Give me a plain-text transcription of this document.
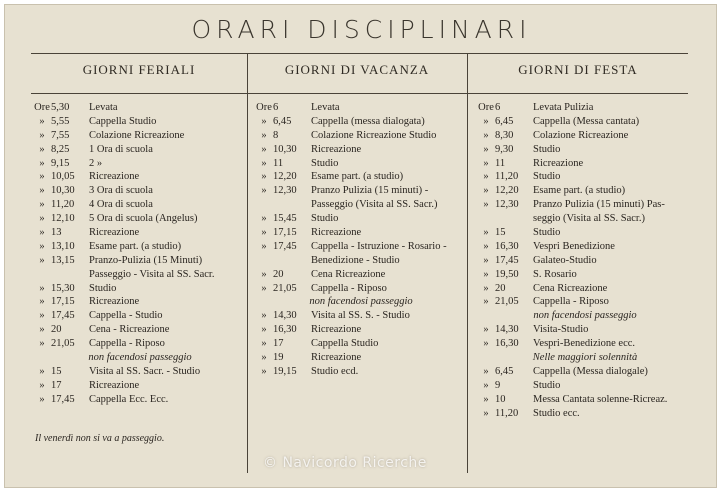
ORARI DISCIPLINARI
GIORNI FERIALI	GIORNI DI VACANZA	GIORNI DI FESTA
Ore5,30 Levata
» 5,55 Cappella Studio
» 7,55 Colazione Ricreazione
» 8,25 1 Ora di scuola
» 9,15 2 »
» 10,05 Ricreazione
» 10,30 3 Ora di scuola
» 11,20 4 Ora di scuola
» 12,10 5 Ora di scuola (Angelus)
» 13	Ricreazione
» 13,10 Esame part. (a studio)
» 13,15 Pranzo-Pulizia (15 Minuti)
Passeggio - Visita al SS. Sacr.
» 15,30 Studio
» 17,15 Ricreazione
» 17,45 Cappella - Studio
» 20	Cena - Ricreazione
» 21,05 Cappella - Riposo
non facendosi passeggio
» 15	Visita al SS. Sacr. - Studio
» 17	Ricreazione
» 17,45 Cappella Ecc. Ecc.
Ore6	Levata
» 6,45 Cappella (messa dialogata)
» 8	Colazione Ricreazione Studio
» 10,30 Ricreazione
» 11	Studio
» 12,20 Esame part. (a studio)
» 12,30 Pranzo Pulizia (15 minuti) -
Passeggio (Visita al SS. Sacr.)
» 15,45 Studio
» 17,15 Ricreazione
» 17,45 Cappella - Istruzione - Rosario -
Benedizione - Studio
» 20	Cena Ricreazione
» 21,05 Cappella - Riposo
non facendosi passeggio
» 14,30 Visita al SS. S. - Studio
» 16,30 Ricreazione
» 17	Cappella Studio
» 19	Ricreazione
» 19,15 Studio ecd.
Ore6	Levata Pulizia
» 6,45 Cappella (Messa cantata)
» 8,30 Colazione Ricreazione
» 9,30 Studio
» 11	Ricreazione
» 11,20 Studio
» 12,20 Esame part. (a studio)
» 12,30 Pranzo Pulizia (15 minuti) Pas-
seggio (Visita al SS. Sacr.)
» 15	Studio
» 16,30 Vespri Benedizione
» 17,45 Galateo-Studio
» 19,50 S. Rosario
» 20	Cena Ricreazione
» 21,05 Cappella - Riposo
non facendosi passeggio
» 14,30 Visita-Studio
» 16,30 Vespri-Benedizione ecc.
Nelle maggiori solennità
» 6,45 Cappella (Messa dialogale)
» 9	Studio
» 10	Messa Cantata solenne-Ricreaz.
» 11,20 Studio ecc.
Il venerdì non si va a passeggio.
© Navicordo Ricerche
